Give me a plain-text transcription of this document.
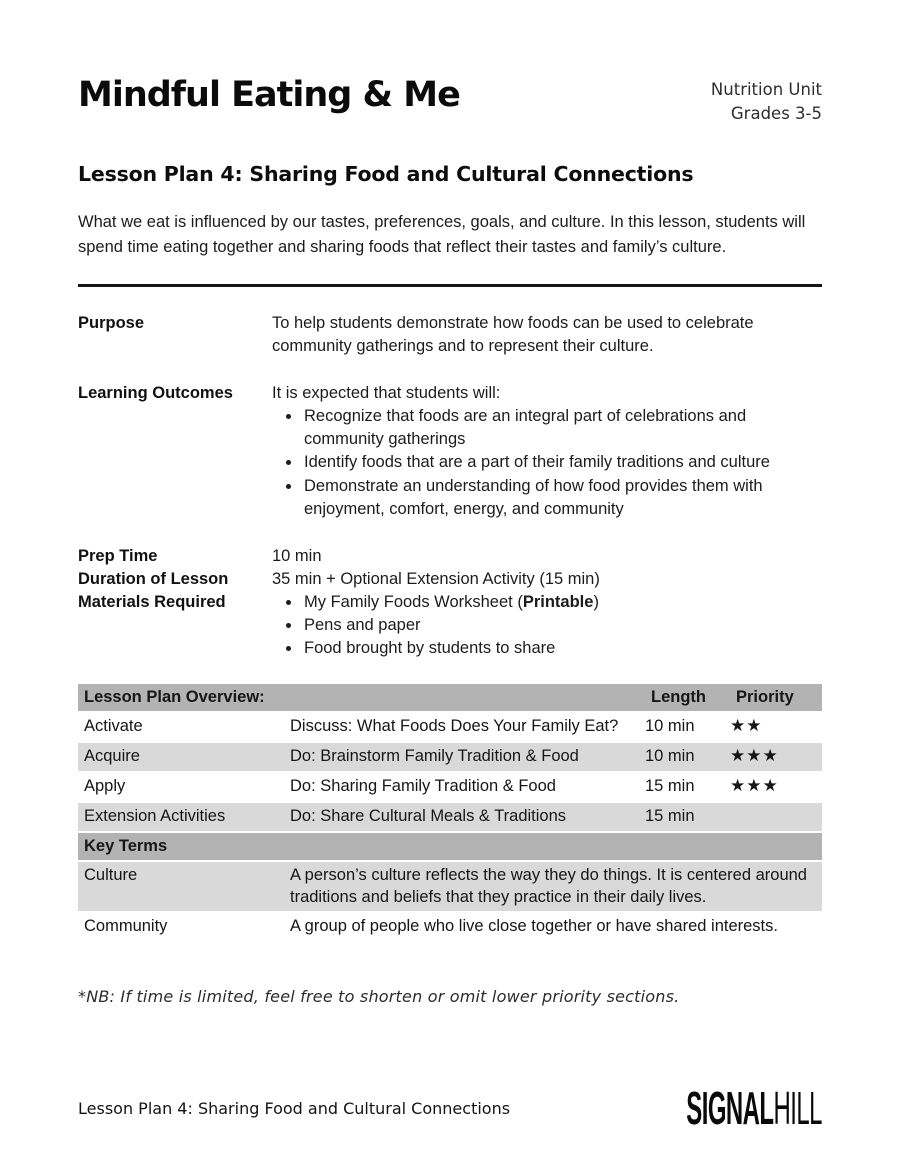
Mindful Eating & Me	Nutrition Unit
Grades 3-5
Lesson Plan 4: Sharing Food and Cultural Connections

What we eat is influenced by our tastes, preferences, goals, and culture. In this lesson, students will spend time eating together and sharing foods that reflect their tastes and family’s culture.

Purpose	To help students demonstrate how foods can be used to celebrate community gatherings and to represent their culture.
Learning Outcomes	It is expected that students will:
• Recognize that foods are an integral part of celebrations and community gatherings
• Identify foods that are a part of their family traditions and culture
• Demonstrate an understanding of how food provides them with enjoyment, comfort, energy, and community
Prep Time	10 min
Duration of Lesson	35 min + Optional Extension Activity (15 min)
Materials Required	• My Family Foods Worksheet (Printable)
• Pens and paper
• Food brought by students to share
Lesson Plan Overview:		Length	Priority
Activate	Discuss: What Foods Does Your Family Eat?	10 min	★★
Acquire	Do: Brainstorm Family Tradition & Food	10 min	★★★
Apply	Do: Sharing Family Tradition & Food	15 min	★★★
Extension Activities	Do: Share Cultural Meals & Traditions	15 min	
Key Terms			
Culture	A person’s culture reflects the way they do things. It is centered around traditions and beliefs that they practice in their daily lives.		
Community	A group of people who live close together or have shared interests.		

*NB: If time is limited, feel free to shorten or omit lower priority sections.

Lesson Plan 4: Sharing Food and Cultural Connections	SIGNALHILL
